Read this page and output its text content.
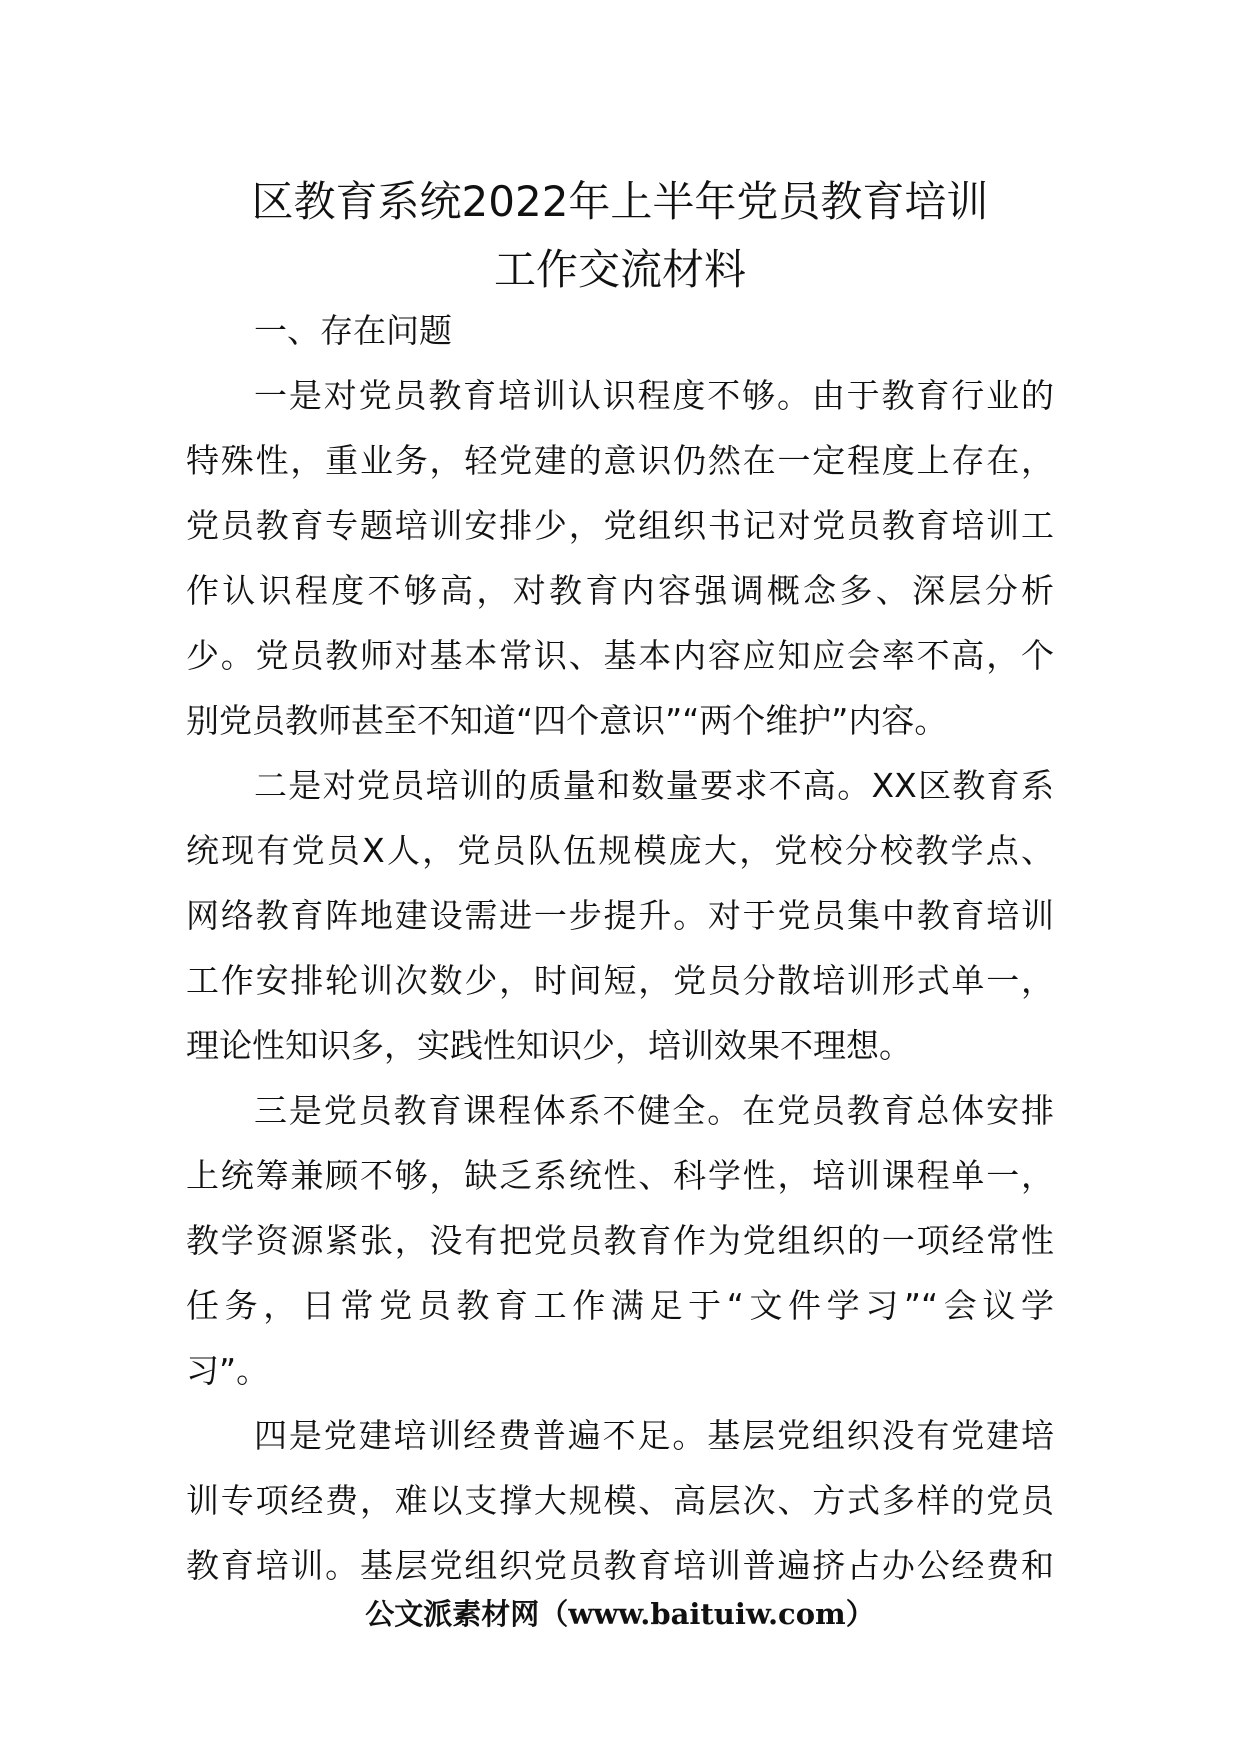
区教育系统2022年上半年党员教育培训
工作交流材料

一、存在问题

一是对党员教育培训认识程度不够。由于教育行业的
特殊性，重业务，轻党建的意识仍然在一定程度上存在，
党员教育专题培训安排少，党组织书记对党员教育培训工
作认识程度不够高，对教育内容强调概念多、深层分析
少。党员教师对基本常识、基本内容应知应会率不高，个
别党员教师甚至不知道“四个意识”“两个维护”内容。

二是对党员培训的质量和数量要求不高。XX区教育系
统现有党员X人，党员队伍规模庞大，党校分校教学点、
网络教育阵地建设需进一步提升。对于党员集中教育培训
工作安排轮训次数少，时间短，党员分散培训形式单一，
理论性知识多，实践性知识少，培训效果不理想。

三是党员教育课程体系不健全。在党员教育总体安排
上统筹兼顾不够，缺乏系统性、科学性，培训课程单一，
教学资源紧张，没有把党员教育作为党组织的一项经常性
任务，日常党员教育工作满足于“文件学习”“会议学
习”。

四是党建培训经费普遍不足。基层党组织没有党建培
训专项经费，难以支撑大规模、高层次、方式多样的党员
教育培训。基层党组织党员教育培训普遍挤占办公经费和

公文派素材网（www.baituiw.com）
